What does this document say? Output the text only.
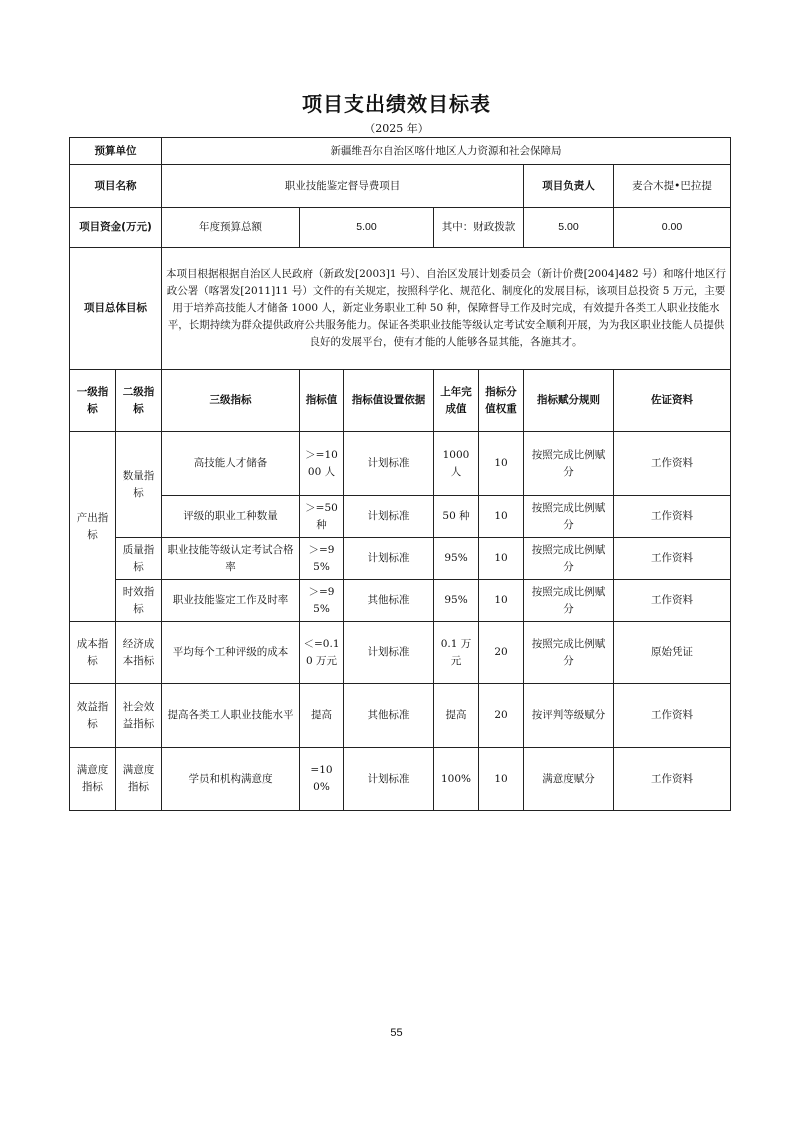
项目支出绩效目标表
（2025 年）
预算单位		新疆维吾尔自治区喀什地区人力资源和社会保障局						
项目名称		职业技能鉴定督导费项目					项目负责人	麦合木提•巴拉提
项目资金(万元)		年度预算总额	5.00		其中：财政拨款		5.00	0.00
项目总体目标		本项目根据根据自治区人民政府（新政发[2003]1 号）、自治区发展计划委员会（新计价费[2004]482 号）和喀什地区行政公署（喀署发[2011]11 号）文件的有关规定，按照科学化、规范化、制度化的发展目标，该项目总投资 5 万元，主要用于培养高技能人才储备 1000 人，新定业务职业工种 50 种，保障督导工作及时完成，有效提升各类工人职业技能水平，长期持续为群众提供政府公共服务能力。保证各类职业技能等级认定考试安全顺利开展，为为我区职业技能人员提供良好的发展平台，使有才能的人能够各显其能，各施其才。						
一级指标	二级指标	三级指标	指标值	指标值设置依据	上年完成值	指标分值权重	指标赋分规则	佐证资料
产出指标	数量指标	高技能人才储备	＞=1000 人	计划标准	1000 人	10	按照完成比例赋分	工作资料
		评级的职业工种数量	＞=50 种	计划标准	50 种	10	按照完成比例赋分	工作资料
	质量指标	职业技能等级认定考试合格率	＞=95%	计划标准	95%	10	按照完成比例赋分	工作资料
	时效指标	职业技能鉴定工作及时率	＞=95%	其他标准	95%	10	按照完成比例赋分	工作资料
成本指标	经济成本指标	平均每个工种评级的成本	＜=0.10 万元	计划标准	0.1 万元	20	按照完成比例赋分	原始凭证
效益指标	社会效益指标	提高各类工人职业技能水平	提高	其他标准	提高	20	按评判等级赋分	工作资料
满意度指标	满意度指标	学员和机构满意度	=100%	计划标准	100%	10	满意度赋分	工作资料
55
